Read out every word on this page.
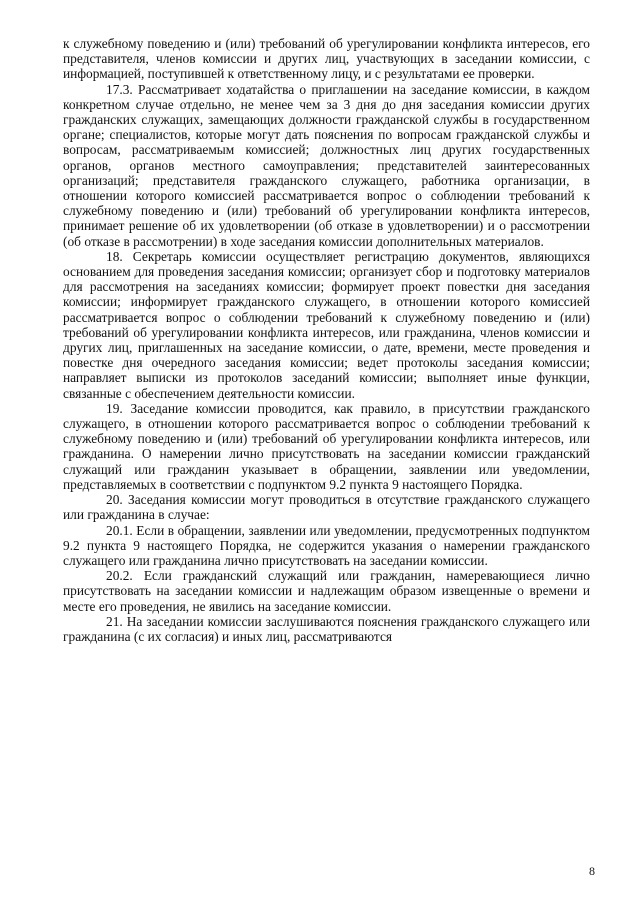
к служебному поведению и (или) требований об урегулировании конфликта интересов, его представителя, членов комиссии и других лиц, участвующих в заседании комиссии, с информацией, поступившей к ответственному лицу, и с результатами ее проверки.

17.3. Рассматривает ходатайства о приглашении на заседание комиссии, в каждом конкретном случае отдельно, не менее чем за 3 дня до дня заседания комиссии других гражданских служащих, замещающих должности гражданской службы в государственном органе; специалистов, которые могут дать пояснения по вопросам гражданской службы и вопросам, рассматриваемым комиссией; должностных лиц других государственных органов, органов местного самоуправления; представителей заинтересованных организаций; представителя гражданского служащего, работника организации, в отношении которого комиссией рассматривается вопрос о соблюдении требований к служебному поведению и (или) требований об урегулировании конфликта интересов, принимает решение об их удовлетворении (об отказе в удовлетворении) и о рассмотрении (об отказе в рассмотрении) в ходе заседания комиссии дополнительных материалов.

18. Секретарь комиссии осуществляет регистрацию документов, являющихся основанием для проведения заседания комиссии; организует сбор и подготовку материалов для рассмотрения на заседаниях комиссии; формирует проект повестки дня заседания комиссии; информирует гражданского служащего, в отношении которого комиссией рассматривается вопрос о соблюдении требований к служебному поведению и (или) требований об урегулировании конфликта интересов, или гражданина, членов комиссии и других лиц, приглашенных на заседание комиссии, о дате, времени, месте проведения и повестке дня очередного заседания комиссии; ведет протоколы заседания комиссии; направляет выписки из протоколов заседаний комиссии; выполняет иные функции, связанные с обеспечением деятельности комиссии.

19. Заседание комиссии проводится, как правило, в присутствии гражданского служащего, в отношении которого рассматривается вопрос о соблюдении требований к служебному поведению и (или) требований об урегулировании конфликта интересов, или гражданина. О намерении лично присутствовать на заседании комиссии гражданский служащий или гражданин указывает в обращении, заявлении или уведомлении, представляемых в соответствии с подпунктом 9.2 пункта 9 настоящего Порядка.

20. Заседания комиссии могут проводиться в отсутствие гражданского служащего или гражданина в случае:

20.1. Если в обращении, заявлении или уведомлении, предусмотренных подпунктом 9.2 пункта 9 настоящего Порядка, не содержится указания о намерении гражданского служащего или гражданина лично присутствовать на заседании комиссии.

20.2. Если гражданский служащий или гражданин, намеревающиеся лично присутствовать на заседании комиссии и надлежащим образом извещенные о времени и месте его проведения, не явились на заседание комиссии.

21. На заседании комиссии заслушиваются пояснения гражданского служащего или гражданина (с их согласия) и иных лиц, рассматриваются

8
